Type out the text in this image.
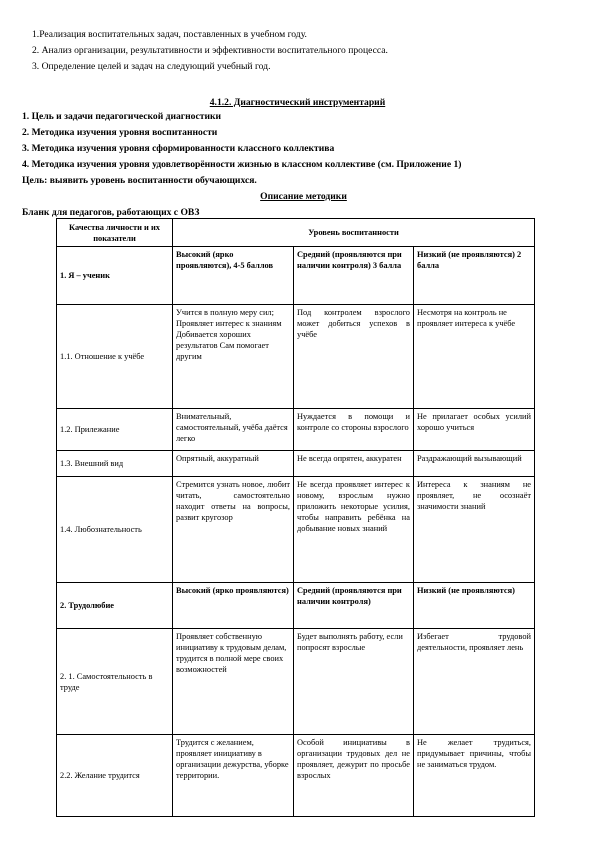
1.Реализация воспитательных задач, поставленных в учебном году.
2. Анализ организации, результативности и эффективности воспитательного процесса.
3. Определение целей и задач на следующий учебный год.
4.1.2. Диагностический инструментарий
1. Цель и задачи педагогической диагностики
2. Методика изучения уровня воспитанности
3. Методика изучения уровня сформированности классного коллектива
4. Методика изучения уровня удовлетворённости жизнью в классном коллективе (см. Приложение 1)
Цель: выявить уровень воспитанности обучающихся.
Описание методики
Бланк для педагогов, работающих с ОВЗ
Качества личности и их показатели	Уровень воспитанности		
1. Я – ученик	Высокий (ярко проявляются), 4-5 баллов	Средний (проявляются при наличии контроля) 3 балла	Низкий (не проявляются) 2 балла
1.1. Отношение к учёбе	Учится в полную меру сил; Проявляет интерес к знаниям Добивается хороших результатов Сам помогает другим	Под контролем взрослого может добиться успехов в учёбе	Несмотря на контроль не проявляет интереса к учёбе
1.2. Прилежание	Внимательный, самостоятельный, учёба даётся легко	Нуждается в помощи и контроле со стороны взрослого	Не прилагает особых усилий хорошо учиться
1.3. Внешний вид	Опрятный, аккуратный	Не всегда опрятен, аккуратен	Раздражающий вызывающий
1.4. Любознательность	Стремится узнать новое, любит читать, самостоятельно находит ответы на вопросы, развит кругозор	Не всегда проявляет интерес к новому, взрослым нужно приложить некоторые усилия, чтобы направить ребёнка на добывание новых знаний	Интереса к знаниям не проявляет, не осознаёт значимости знаний
2. Трудолюбие	Высокий (ярко проявляются)	Средний (проявляются при наличии контроля)	Низкий (не проявляются)
2. 1. Самостоятельность в труде	Проявляет собственную инициативу к трудовым делам, трудится в полной мере своих возможностей	Будет выполнять работу, если попросят взрослые	Избегает трудовой деятельности, проявляет лень
2.2. Желание трудится	Трудится с желанием, проявляет инициативу в организации дежурства, уборке территории.	Особой инициативы в организации трудовых дел не проявляет, дежурит по просьбе взрослых	Не желает трудиться, придумывает причины, чтобы не заниматься трудом.
